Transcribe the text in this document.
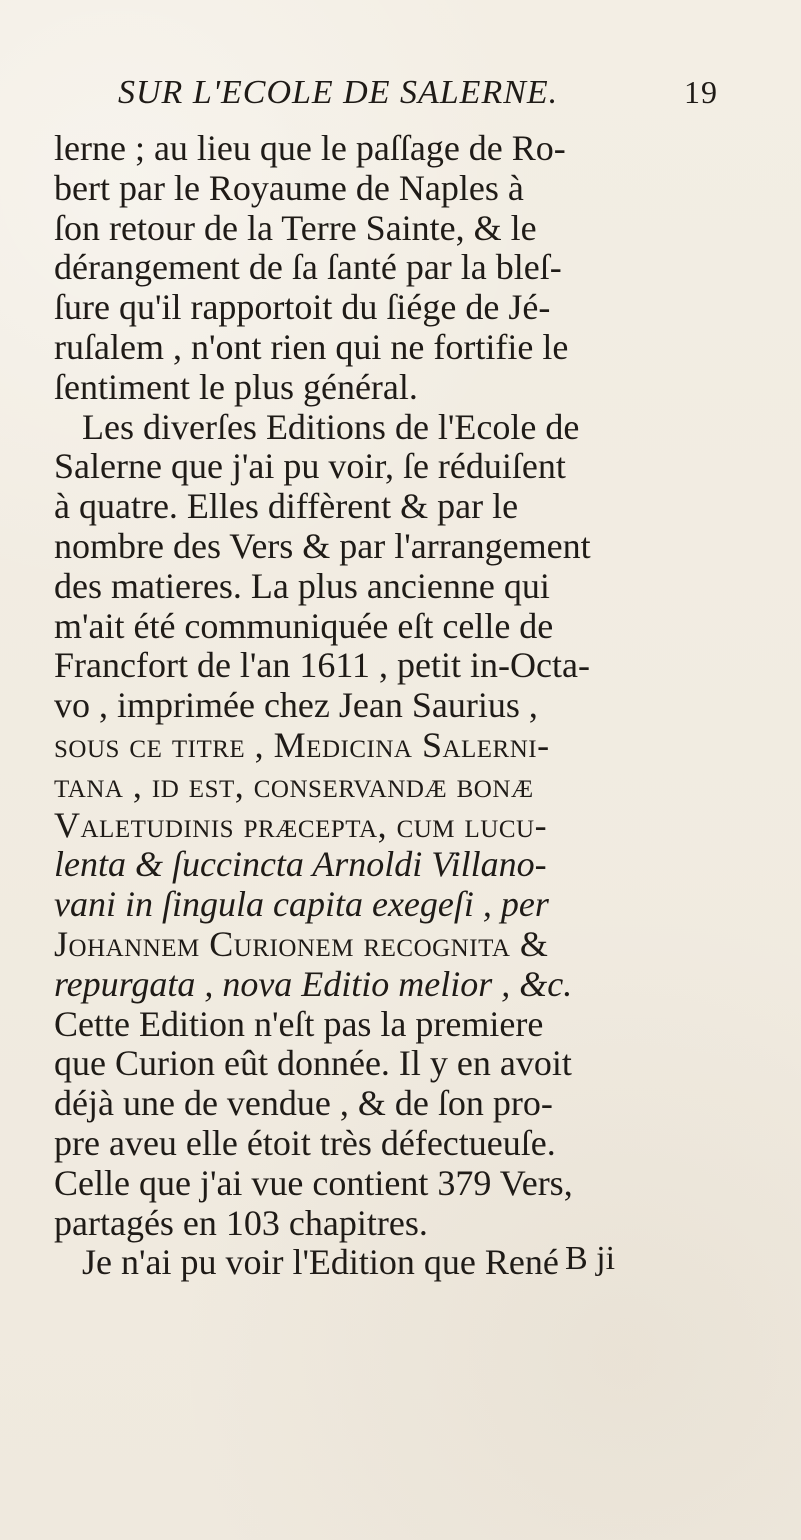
SUR L'ECOLE DE SALERNE.	19
lerne ; au lieu que le paſſage de Ro-
bert par le Royaume de Naples à
ſon retour de la Terre Sainte, & le
dérangement de ſa ſanté par la bleſ-
ſure qu'il rapportoit du ſiége de Jé-
ruſalem , n'ont rien qui ne fortifie le
ſentiment le plus général.
Les diverſes Editions de l'Ecole de
Salerne que j'ai pu voir, ſe réduiſent
à quatre. Elles diffèrent & par le
nombre des Vers & par l'arrangement
des matieres. La plus ancienne qui
m'ait été communiquée eſt celle de
Francfort de l'an 1611 , petit in-Octa-
vo , imprimée chez Jean Saurius ,
ſous ce titre , Medicina Salerni-
tana , id eſt, conservandæ bonæ
Valetudinis præcepta, cum lucu-
lenta & ſuccincta Arnoldi Villano-
vani in ſingula capita exegeſi , per
Johannem Curionem recognita &
repurgata , nova Editio melior , &c.
Cette Edition n'eſt pas la premiere
que Curion eût donnée. Il y en avoit
déjà une de vendue , & de ſon pro-
pre aveu elle étoit très défectueuſe.
Celle que j'ai vue contient 379 Vers,
partagés en 103 chapitres.
Je n'ai pu voir l'Edition que René B ji
